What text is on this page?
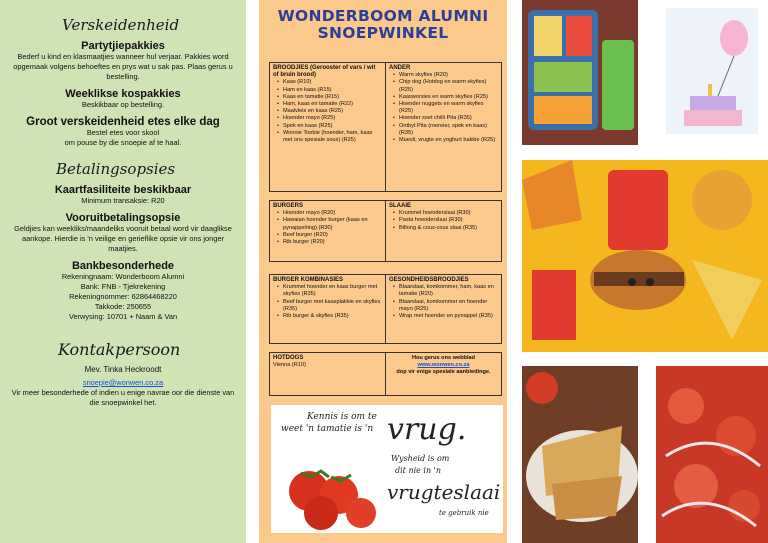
Verskeidenheid
Partytjiepakkies
Bederf u kind en klasmaatjies wanneer hul verjaar. Pakkies word opgemaak volgens behoeftes en prys wat u sak pas. Plaas gerus u bestelling.
Weeklikse kospakkies
Beskikbaar op bestelling.
Groot verskeidenheid etes elke dag
Bestel etes voor skool
om pouse by die snoepie af te haal.
Betalingsopsies
Kaartfasiliteite beskikbaar
Minimum transaksie: R20
Vooruitbetalingsopsie
Geldjies kan weekliks/maandeliks vooruit betaal word vir daaglikse aankope. Hierdie is 'n veilige en gerieflike opsie vir ons jonger maatjies.
Bankbesonderhede
Rekeningnaam: Wonderboom Alumni
Bank: FNB - Tjekrekening
Rekeningnommer: 62864468220
Takkode: 250655
Verwysing: 10701 + Naam & Van
Kontakpersoon
Mev. Tinka Heckroodt
snoepie@wonwen.co.za
Vir meer besonderhede of indien u enige navrae oor die dienste van die snoepwinkel het.
WONDERBOOM ALUMNI
SNOEPWINKEL
BROODJIES (Gerooster of vars / wit of bruin brood)
• Kaas (R10)
• Ham en kaas (R15)
• Kaas en tamatie (R15)
• Ham, kaas en tamatie (R22)
• Maalvleis en kaas (R25)
• Hoender mayo (R25)
• Spek en kaas (R25)
• Wonnie Toebie (hoender, ham, kaas met ons spesiale sous) (R25)
ANDER
• Warm skyfies (R20)
• Chip dog (Hotdog en warm skyfies) (R25)
• Kaasworsies en warm skyfies (R25)
• Hoender nuggets en warm skyfies (R25)
• Hoender soet chilli Pita (R35)
• Ontbyt Pita (roereier, spek en kaas) (R35)
• Muesli, vrugte en yoghurt bakkie (R25)
BURGERS
• Hoender mayo (R20)
• Hawaian hoender burger (kaas en pynappelring) (R30)
• Beef burger (R20)
• Rib burger (R20)
SLAAIE
• Krummel hoenderslaai (R30)
• Pasta hoenderslaai (R30)
• Biltong & cous-cous slaai (R35)
BURGER KOMBINASIES
• Krummel hoender en kaas burger met skyfies (R35)
• Beef burger met kaasplakkie en skyfies (R35)
• Rib burger & skyfies (R35)
GESONDHEIDSBROODJIES
• Blaarslaai, komkommer, ham, kaas en tamatie (R20)
• Blaarslaai, komkommer en hoender mayo (R25)
• Wrap met hoender en pynappel (R35)
HOTDOGS
Vienna (R10)
Hou gerus ons webblad
www.wonwen.co.za
dop vir enige spesiale aanbiedinge.
Kennis is om te
weet 'n tamatie is 'n vrug.
Wysheid is om
dit nie in 'n
vrugteslaai
te gebruik nie
